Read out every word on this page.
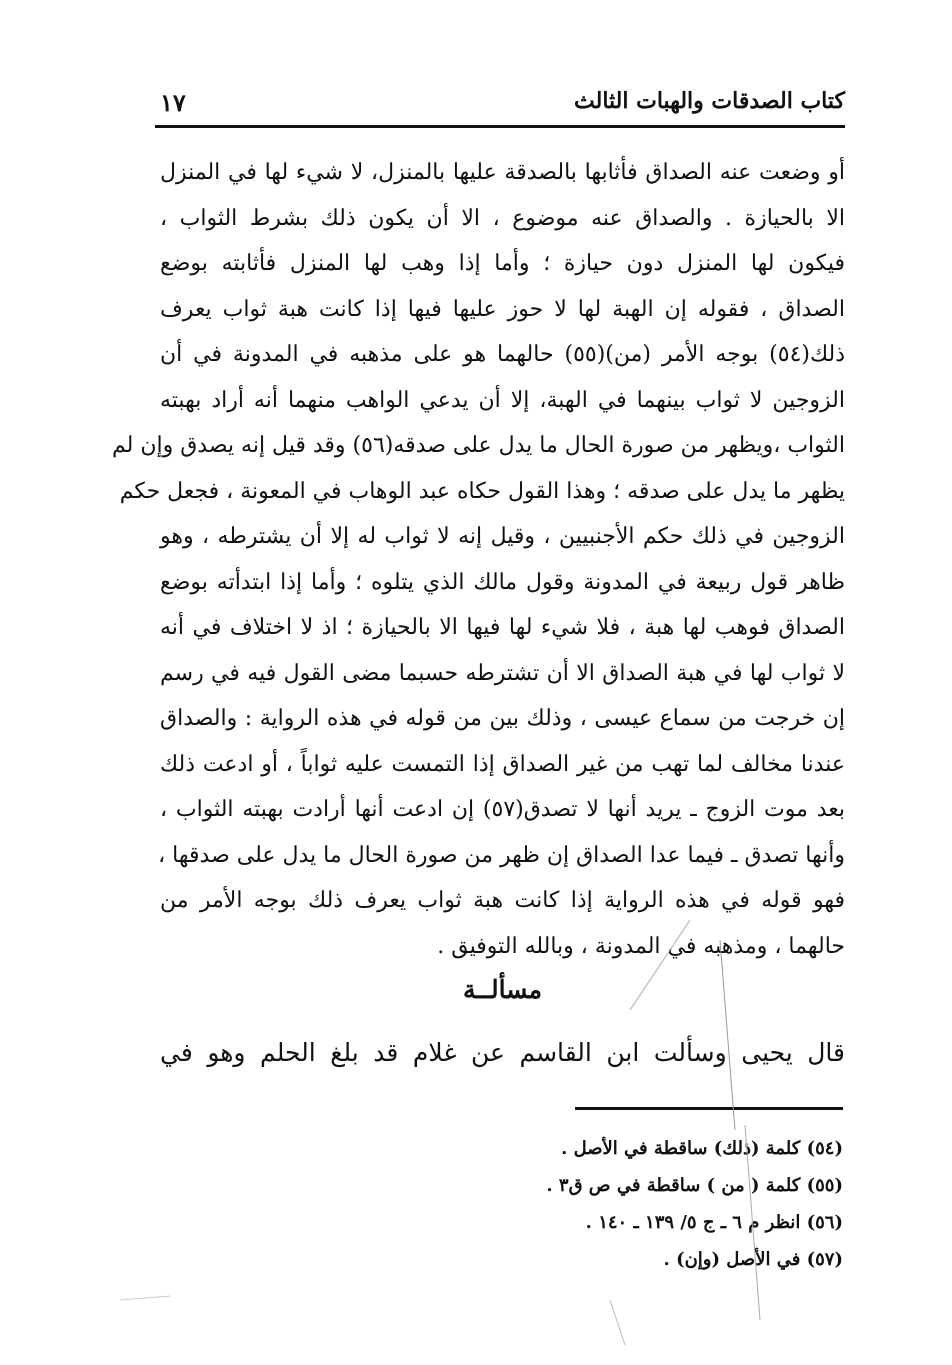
كتاب الصدقات والهبات الثالث
١٧
أو وضعت عنه الصداق فأثابها بالصدقة عليها بالمنزل، لا شيء لها في المنزل
الا بالحيازة . والصداق عنه موضوع ، الا أن يكون ذلك بشرط الثواب ،
فيكون لها المنزل دون حيازة ؛ وأما إذا وهب لها المنزل فأثابته بوضع
الصداق ، فقوله إن الهبة لها لا حوز عليها فيها إذا كانت هبة ثواب يعرف
ذلك(٥٤) بوجه الأمر (من)(٥٥) حالهما هو على مذهبه في المدونة في أن
الزوجين لا ثواب بينهما في الهبة، إلا أن يدعي الواهب منهما أنه أراد بهبته
الثواب ،ويظهر من صورة الحال ما يدل على صدقه(٥٦) وقد قيل إنه يصدق وإن لم
يظهر ما يدل على صدقه ؛ وهذا القول حكاه عبد الوهاب في المعونة ، فجعل حكم
الزوجين في ذلك حكم الأجنبيين ، وقيل إنه لا ثواب له إلا أن يشترطه ، وهو
ظاهر قول ربيعة في المدونة وقول مالك الذي يتلوه ؛ وأما إذا ابتدأته بوضع
الصداق فوهب لها هبة ، فلا شيء لها فيها الا بالحيازة ؛ اذ لا اختلاف في أنه
لا ثواب لها في هبة الصداق الا أن تشترطه حسبما مضى القول فيه في رسم
إن خرجت من سماع عيسى ، وذلك بين من قوله في هذه الرواية : والصداق
عندنا مخالف لما تهب من غير الصداق إذا التمست عليه ثواباً ، أو ادعت ذلك
بعد موت الزوج ـ يريد أنها لا تصدق(٥٧) إن ادعت أنها أرادت بهبته الثواب ،
وأنها تصدق ـ فيما عدا الصداق إن ظهر من صورة الحال ما يدل على صدقها ،
فهو قوله في هذه الرواية إذا كانت هبة ثواب يعرف ذلك بوجه الأمر من
حالهما ، ومذهبه في المدونة ، وبالله التوفيق .
مسألــة
قال يحيى وسألت ابن القاسم عن غلام قد بلغ الحلم وهو في
(٥٤) كلمة (ذلك) ساقطة في الأصل .
(٥٥) كلمة ( من ) ساقطة في ص ق٣ .
(٥٦) انظر م ٦ ـ ج ٥/ ١٣٩ ـ ١٤٠ .
(٥٧) في الأصل (وإن) .
